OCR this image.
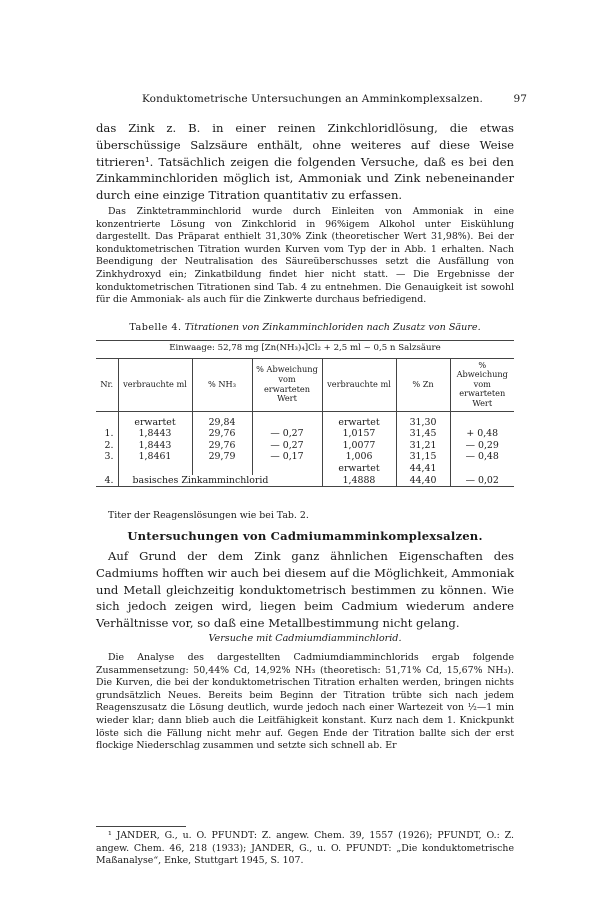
Konduktometrische Untersuchungen an Amminkomplexsalzen.	97

das Zink z. B. in einer reinen Zinkchloridlösung, die etwas überschüssige Salzsäure enthält, ohne weiteres auf diese Weise titrieren¹. Tatsächlich zeigen die folgenden Versuche, daß es bei den Zinkamminchloriden möglich ist, Ammoniak und Zink nebeneinander durch eine einzige Titration quantitativ zu erfassen.

Das Zinktetramminchlorid wurde durch Einleiten von Ammoniak in eine konzentrierte Lösung von Zinkchlorid in 96%igem Alkohol unter Eiskühlung dargestellt. Das Präparat enthielt 31,30% Zink (theoretischer Wert 31,98%). Bei der konduktometrischen Titration wurden Kurven vom Typ der in Abb. 1 erhalten. Nach Beendigung der Neutralisation des Säureüberschusses setzt die Ausfällung von Zinkhydroxyd ein; Zinkatbildung findet hier nicht statt. — Die Ergebnisse der konduktometrischen Titrationen sind Tab. 4 zu entnehmen. Die Genauigkeit ist sowohl für die Ammoniak- als auch für die Zinkwerte durchaus befriedigend.

Tabelle 4. Titrationen von Zinkamminchloriden nach Zusatz von Säure.
Einwaage: 52,78 mg [Zn(NH₃)₄]Cl₂ + 2,5 ml ~ 0,5 n Salzsäure						
Nr.	verbrauchte ml	% NH₃	% Abweichung vom erwarteten Wert	verbrauchte ml	% Zn	% Abweichung vom erwarteten Wert

	erwartet	29,84		erwartet	31,30	
1.	1,8443	29,76	— 0,27	1,0157	31,45	+ 0,48
2.	1,8443	29,76	— 0,27	1,0077	31,21	— 0,29
3.	1,8461	29,79	— 0,17	1,006	31,15	— 0,48
				erwartet	44,41	
4.	basisches Zinkamminchlorid			1,4888	44,40	— 0,02
Titer der Reagenslösungen wie bei Tab. 2.
Untersuchungen von Cadmiumamminkomplexsalzen.

Auf Grund der dem Zink ganz ähnlichen Eigenschaften des Cadmiums hofften wir auch bei diesem auf die Möglichkeit, Ammoniak und Metall gleichzeitig konduktometrisch bestimmen zu können. Wie sich jedoch zeigen wird, liegen beim Cadmium wiederum andere Verhältnisse vor, so daß eine Metallbestimmung nicht gelang.

Versuche mit Cadmiumdiamminchlorid.

Die Analyse des dargestellten Cadmiumdiamminchlorids ergab folgende Zusammensetzung: 50,44% Cd, 14,92% NH₃ (theoretisch: 51,71% Cd, 15,67% NH₃). Die Kurven, die bei der konduktometrischen Titration erhalten werden, bringen nichts grundsätzlich Neues. Bereits beim Beginn der Titration trübte sich nach jedem Reagenszusatz die Lösung deutlich, wurde jedoch nach einer Wartezeit von ½—1 min wieder klar; dann blieb auch die Leitfähigkeit konstant. Kurz nach dem 1. Knickpunkt löste sich die Fällung nicht mehr auf. Gegen Ende der Titration ballte sich der erst flockige Niederschlag zusammen und setzte sich schnell ab. Er

¹ JANDER, G., u. O. PFUNDT: Z. angew. Chem. 39, 1557 (1926); PFUNDT, O.: Z. angew. Chem. 46, 218 (1933); JANDER, G., u. O. PFUNDT: „Die konduktometrische Maßanalyse“, Enke, Stuttgart 1945, S. 107.
